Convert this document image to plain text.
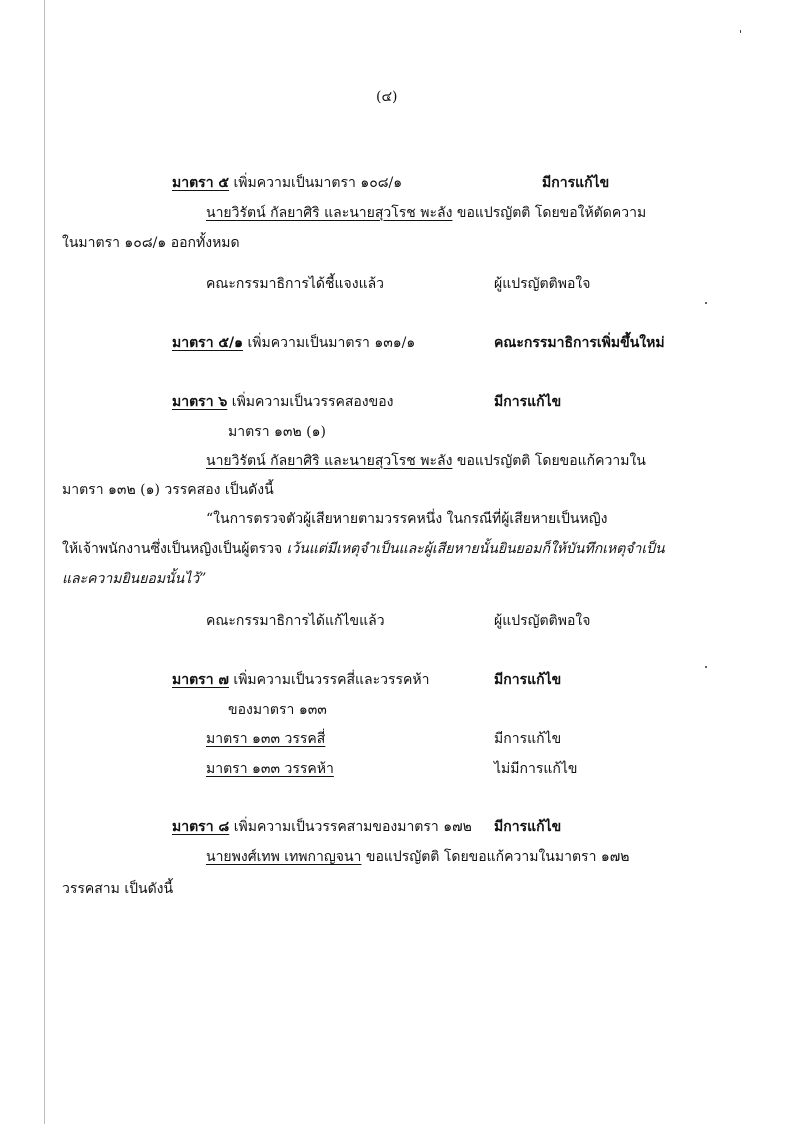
(๔)
มาตรา ๕ เพิ่มความเป็นมาตรา ๑๐๘/๑	มีการแก้ไข
นายวิรัตน์ กัลยาศิริ และนายสุวโรช พะลัง ขอแปรญัตติ โดยขอให้ตัดความ
ในมาตรา ๑๐๘/๑ ออกทั้งหมด
คณะกรรมาธิการได้ชี้แจงแล้ว	ผู้แปรญัตติพอใจ
มาตรา ๕/๑ เพิ่มความเป็นมาตรา ๑๓๑/๑	คณะกรรมาธิการเพิ่มขึ้นใหม่
มาตรา ๖ เพิ่มความเป็นวรรคสองของ	มีการแก้ไข
มาตรา ๑๓๒ (๑)
นายวิรัตน์ กัลยาศิริ และนายสุวโรช พะลัง ขอแปรญัตติ โดยขอแก้ความใน
มาตรา ๑๓๒ (๑) วรรคสอง เป็นดังนี้
“ในการตรวจตัวผู้เสียหายตามวรรคหนึ่ง ในกรณีที่ผู้เสียหายเป็นหญิง
ให้เจ้าพนักงานซึ่งเป็นหญิงเป็นผู้ตรวจ เว้นแต่มีเหตุจำเป็นและผู้เสียหายนั้นยินยอมก็ให้บันทึกเหตุจำเป็น
และความยินยอมนั้นไว้”
คณะกรรมาธิการได้แก้ไขแล้ว	ผู้แปรญัตติพอใจ
มาตรา ๗ เพิ่มความเป็นวรรคสี่และวรรคห้า	มีการแก้ไข
ของมาตรา ๑๓๓
มาตรา ๑๓๓ วรรคสี่	มีการแก้ไข
มาตรา ๑๓๓ วรรคห้า	ไม่มีการแก้ไข
มาตรา ๘ เพิ่มความเป็นวรรคสามของมาตรา ๑๗๒ มีการแก้ไข
นายพงศ์เทพ เทพกาญจนา ขอแปรญัตติ โดยขอแก้ความในมาตรา ๑๗๒
วรรคสาม เป็นดังนี้
